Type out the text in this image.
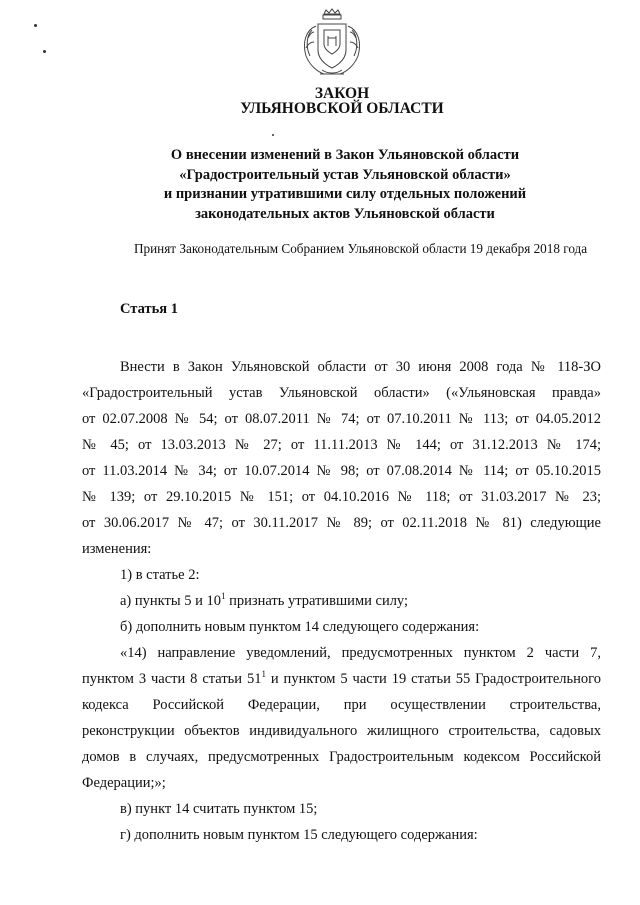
ЗАКОН
УЛЬЯНОВСКОЙ ОБЛАСТИ
О внесении изменений в Закон Ульяновской области
«Градостроительный устав Ульяновской области»
и признании утратившими силу отдельных положений
законодательных актов Ульяновской области
Принят Законодательным Собранием Ульяновской области 19 декабря 2018 года
Статья 1
Внести в Закон Ульяновской области от 30 июня 2008 года № 118-ЗО
«Градостроительный устав Ульяновской области» («Ульяновская правда»
от 02.07.2008 № 54; от 08.07.2011 № 74; от 07.10.2011 № 113; от 04.05.2012
№ 45; от 13.03.2013 № 27; от 11.11.2013 № 144; от 31.12.2013 № 174;
от 11.03.2014 № 34; от 10.07.2014 № 98; от 07.08.2014 № 114; от 05.10.2015
№ 139; от 29.10.2015 № 151; от 04.10.2016 № 118; от 31.03.2017 № 23;
от 30.06.2017 № 47; от 30.11.2017 № 89; от 02.11.2018 № 81) следующие
изменения:
1) в статье 2:
а) пункты 5 и $10^1$ признать утратившими силу;
б) дополнить новым пунктом 14 следующего содержания:
«14) направление уведомлений, предусмотренных пунктом 2 части 7,
пунктом 3 части 8 статьи $51^1$ и пунктом 5 части 19 статьи 55 Градостроительного
кодекса Российской Федерации, при осуществлении строительства,
реконструкции объектов индивидуального жилищного строительства, садовых
домов в случаях, предусмотренных Градостроительным кодексом Российской
Федерации;»;
в) пункт 14 считать пунктом 15;
г) дополнить новым пунктом 15 следующего содержания:
